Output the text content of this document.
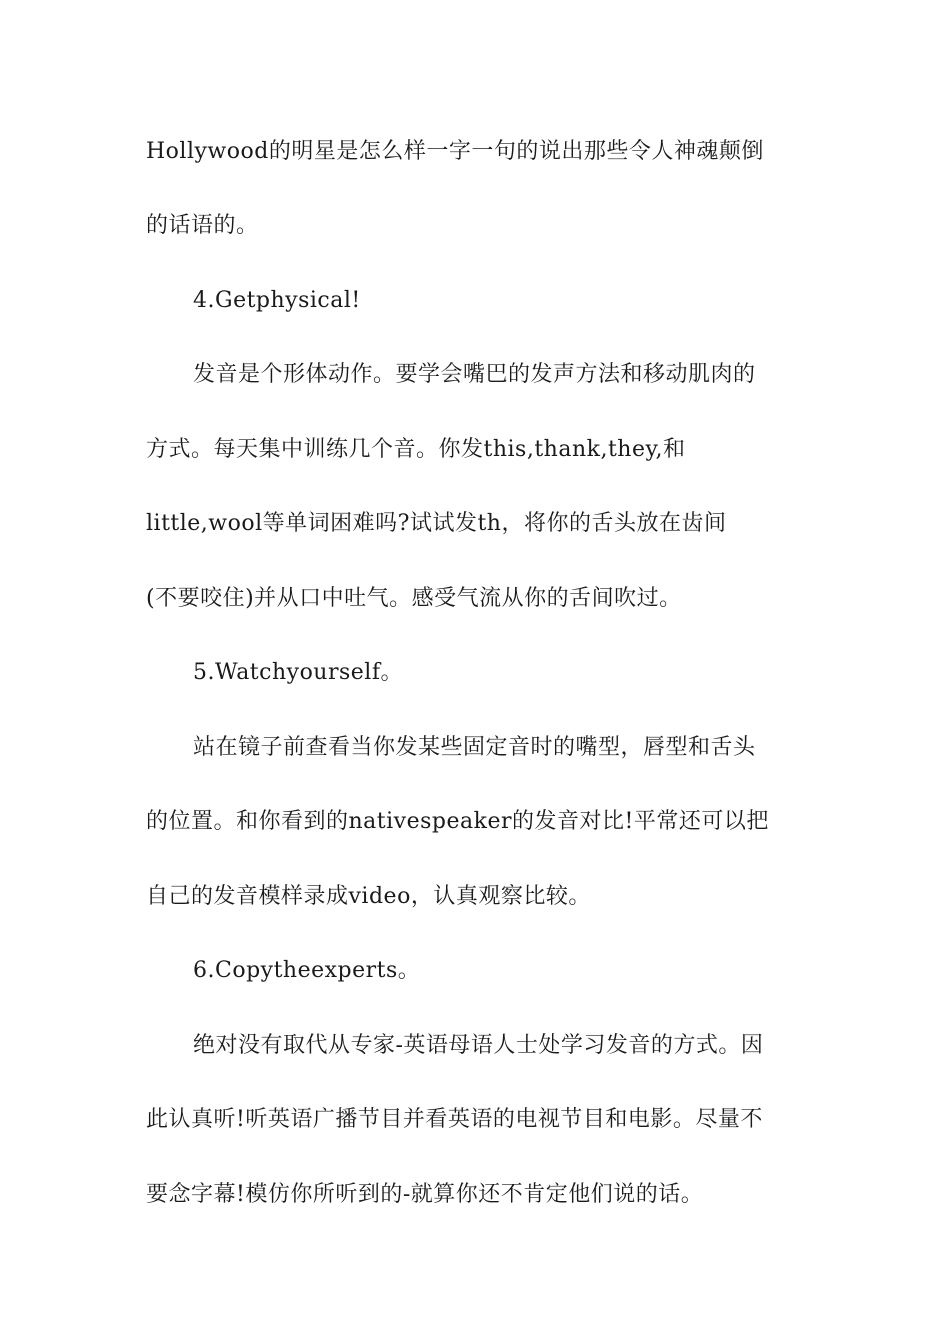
Hollywood的明星是怎么样一字一句的说出那些令人神魂颠倒
的话语的。
4.Getphysical!
发音是个形体动作。要学会嘴巴的发声方法和移动肌肉的
方式。每天集中训练几个音。你发this,thank,they,和
little,wool等单词困难吗?试试发th，将你的舌头放在齿间
(不要咬住)并从口中吐气。感受气流从你的舌间吹过。
5.Watchyourself。
站在镜子前查看当你发某些固定音时的嘴型，唇型和舌头
的位置。和你看到的nativespeaker的发音对比!平常还可以把
自己的发音模样录成video，认真观察比较。
6.Copytheexperts。
绝对没有取代从专家-英语母语人士处学习发音的方式。因
此认真听!听英语广播节目并看英语的电视节目和电影。尽量不
要念字幕!模仿你所听到的-就算你还不肯定他们说的话。
